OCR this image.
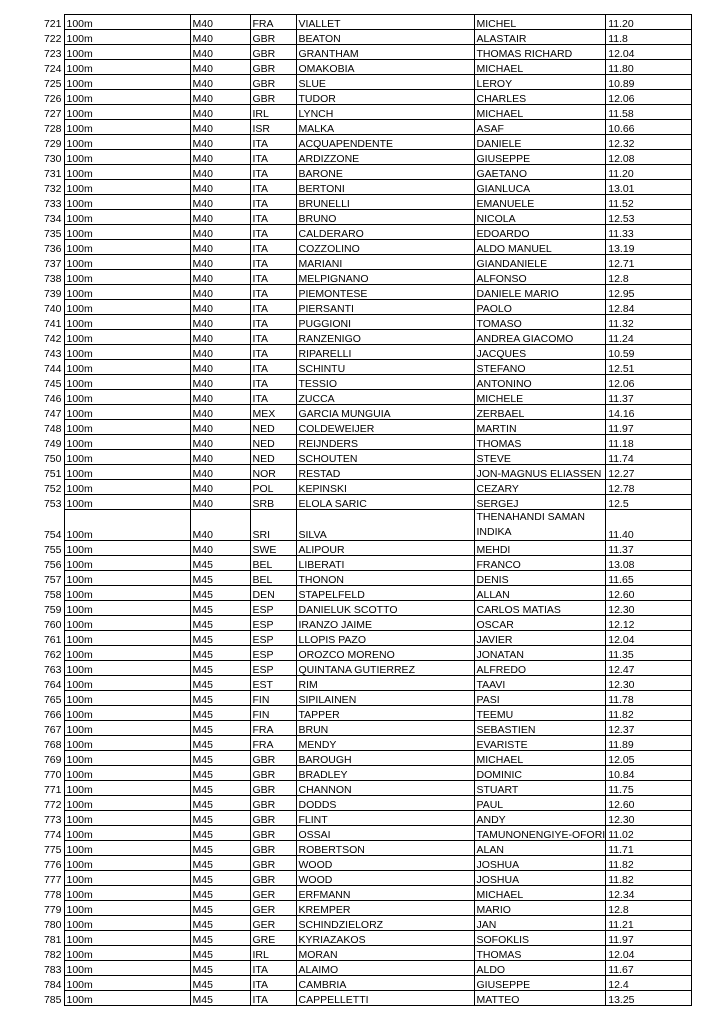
721	100m	M40	FRA	VIALLET	MICHEL	11.20
722	100m	M40	GBR	BEATON	ALASTAIR	11.8
723	100m	M40	GBR	GRANTHAM	THOMAS RICHARD	12.04
724	100m	M40	GBR	OMAKOBIA	MICHAEL	11.80
725	100m	M40	GBR	SLUE	LEROY	10.89
726	100m	M40	GBR	TUDOR	CHARLES	12.06
727	100m	M40	IRL	LYNCH	MICHAEL	11.58
728	100m	M40	ISR	MALKA	ASAF	10.66
729	100m	M40	ITA	ACQUAPENDENTE	DANIELE	12.32
730	100m	M40	ITA	ARDIZZONE	GIUSEPPE	12.08
731	100m	M40	ITA	BARONE	GAETANO	11.20
732	100m	M40	ITA	BERTONI	GIANLUCA	13.01
733	100m	M40	ITA	BRUNELLI	EMANUELE	11.52
734	100m	M40	ITA	BRUNO	NICOLA	12.53
735	100m	M40	ITA	CALDERARO	EDOARDO	11.33
736	100m	M40	ITA	COZZOLINO	ALDO MANUEL	13.19
737	100m	M40	ITA	MARIANI	GIANDANIELE	12.71
738	100m	M40	ITA	MELPIGNANO	ALFONSO	12.8
739	100m	M40	ITA	PIEMONTESE	DANIELE MARIO	12.95
740	100m	M40	ITA	PIERSANTI	PAOLO	12.84
741	100m	M40	ITA	PUGGIONI	TOMASO	11.32
742	100m	M40	ITA	RANZENIGO	ANDREA GIACOMO	11.24
743	100m	M40	ITA	RIPARELLI	JACQUES	10.59
744	100m	M40	ITA	SCHINTU	STEFANO	12.51
745	100m	M40	ITA	TESSIO	ANTONINO	12.06
746	100m	M40	ITA	ZUCCA	MICHELE	11.37
747	100m	M40	MEX	GARCIA MUNGUIA	ZERBAEL	14.16
748	100m	M40	NED	COLDEWEIJER	MARTIN	11.97
749	100m	M40	NED	REIJNDERS	THOMAS	11.18
750	100m	M40	NED	SCHOUTEN	STEVE	11.74
751	100m	M40	NOR	RESTAD	JON-MAGNUS ELIASSEN	12.27
752	100m	M40	POL	KEPINSKI	CEZARY	12.78
753	100m	M40	SRB	ELOLA SARIC	SERGEJ	12.5
754	100m	M40	SRI	SILVA	THENAHANDI SAMAN INDIKA	11.40
755	100m	M40	SWE	ALIPOUR	MEHDI	11.37
756	100m	M45	BEL	LIBERATI	FRANCO	13.08
757	100m	M45	BEL	THONON	DENIS	11.65
758	100m	M45	DEN	STAPELFELD	ALLAN	12.60
759	100m	M45	ESP	DANIELUK SCOTTO	CARLOS MATIAS	12.30
760	100m	M45	ESP	IRANZO JAIME	OSCAR	12.12
761	100m	M45	ESP	LLOPIS PAZO	JAVIER	12.04
762	100m	M45	ESP	OROZCO MORENO	JONATAN	11.35
763	100m	M45	ESP	QUINTANA GUTIERREZ	ALFREDO	12.47
764	100m	M45	EST	RIM	TAAVI	12.30
765	100m	M45	FIN	SIPILAINEN	PASI	11.78
766	100m	M45	FIN	TAPPER	TEEMU	11.82
767	100m	M45	FRA	BRUN	SEBASTIEN	12.37
768	100m	M45	FRA	MENDY	EVARISTE	11.89
769	100m	M45	GBR	BAROUGH	MICHAEL	12.05
770	100m	M45	GBR	BRADLEY	DOMINIC	10.84
771	100m	M45	GBR	CHANNON	STUART	11.75
772	100m	M45	GBR	DODDS	PAUL	12.60
773	100m	M45	GBR	FLINT	ANDY	12.30
774	100m	M45	GBR	OSSAI	TAMUNONENGIYE-OFORI	11.02
775	100m	M45	GBR	ROBERTSON	ALAN	11.71
776	100m	M45	GBR	WOOD	JOSHUA	11.82
777	100m	M45	GBR	WOOD	JOSHUA	11.82
778	100m	M45	GER	ERFMANN	MICHAEL	12.34
779	100m	M45	GER	KREMPER	MARIO	12.8
780	100m	M45	GER	SCHINDZIELORZ	JAN	11.21
781	100m	M45	GRE	KYRIAZAKOS	SOFOKLIS	11.97
782	100m	M45	IRL	MORAN	THOMAS	12.04
783	100m	M45	ITA	ALAIMO	ALDO	11.67
784	100m	M45	ITA	CAMBRIA	GIUSEPPE	12.4
785	100m	M45	ITA	CAPPELLETTI	MATTEO	13.25
